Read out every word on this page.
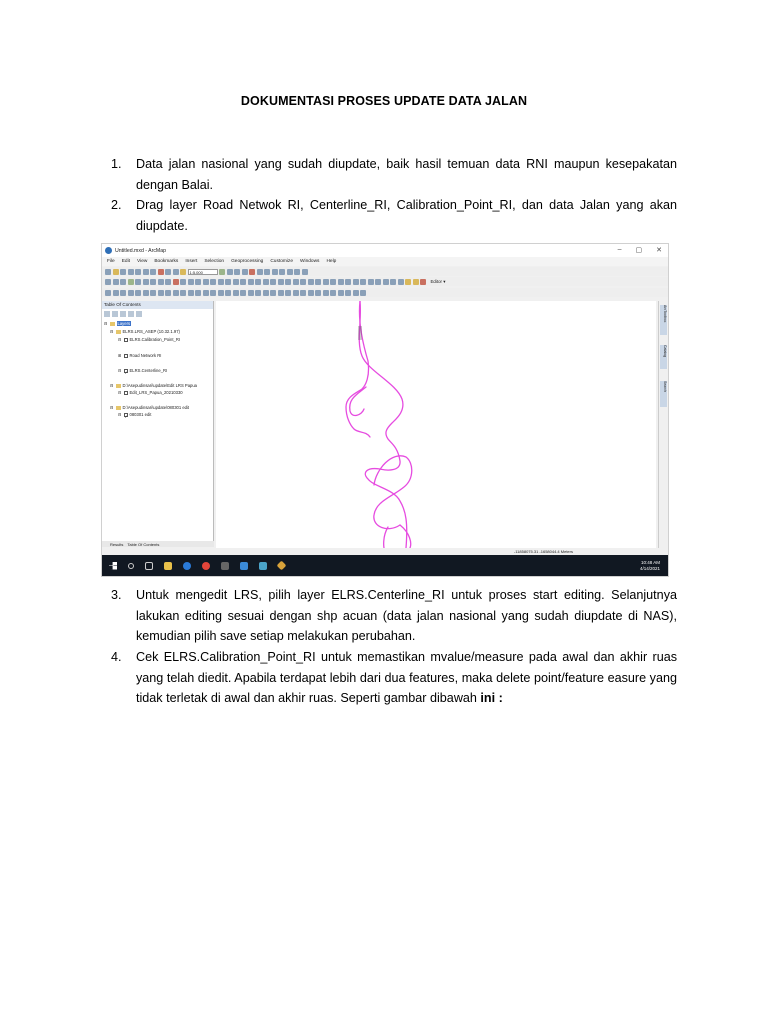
DOKUMENTASI PROSES UPDATE DATA JALAN
1. Data jalan nasional yang sudah diupdate, baik hasil temuan data RNI maupun kesepakatan dengan Balai.
2. Drag layer Road Netwok RI, Centerline_RI, Calibration_Point_RI, dan data Jalan yang akan diupdate.
Untitled.mxd - ArcMap	– ▢ ✕
File Edit View Bookmarks Insert Selection Geoprocessing Customize Windows Help
1:5.000
Editor ▾
Table Of Contents
⊟ Layers
⊟ ELRS.LRS_ASEP (10.32.1.97)
⊟ ELRS.Calibration_Point_RI
⊞ Road Network RI
⊟ ✓ ELRS.Centerline_RI
⊟ D:\Asepudinsari\update\Edit LRS Papua
⊟ Edit_LRS_Papua_20210330
⊟ D:\Asepudinsari\update\080301 edit
⊟ ✓ 080301 edit
Results Table Of Contents
ArcToolbox
Catalog
Search
-11858075.31 -1658044.4 Meters
10:48 AM
4/14/2021
3. Untuk mengedit LRS, pilih layer ELRS.Centerline_RI untuk proses start editing. Selanjutnya lakukan editing sesuai dengan shp acuan (data jalan nasional yang sudah diupdate di NAS), kemudian pilih save setiap melakukan perubahan.
4. Cek ELRS.Calibration_Point_RI untuk memastikan mvalue/measure pada awal dan akhir ruas yang telah diedit. Apabila terdapat lebih dari dua features, maka delete point/feature easure yang tidak terletak di awal dan akhir ruas. Seperti gambar dibawah ini :
